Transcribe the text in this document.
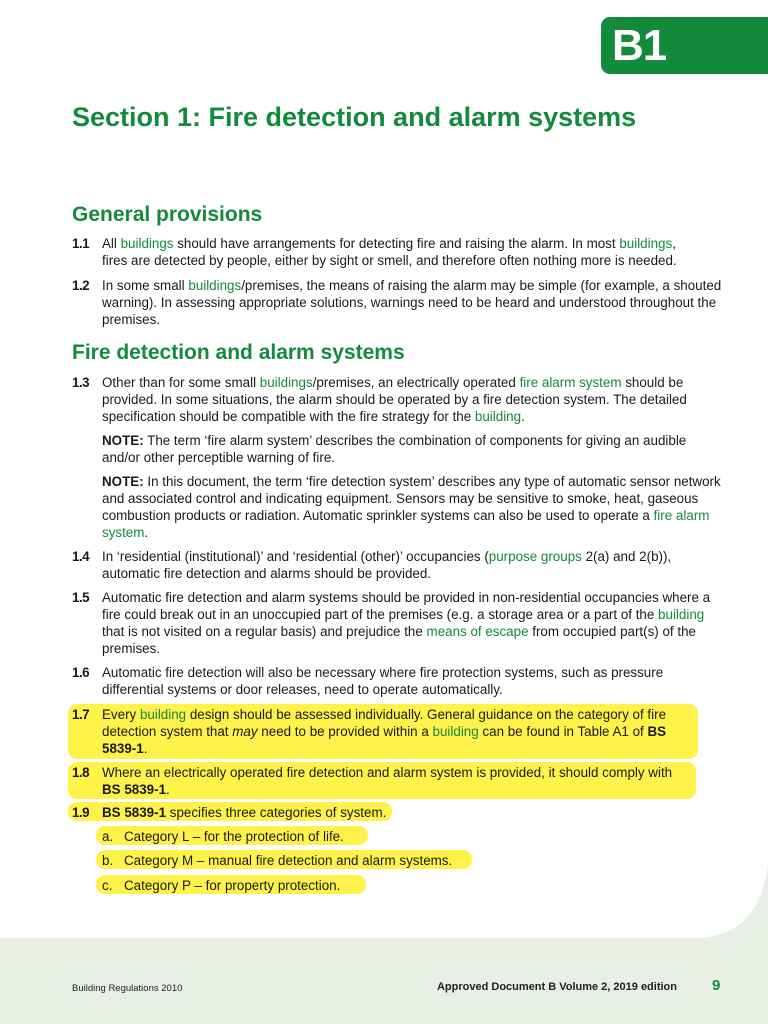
B1
Section 1: Fire detection and alarm systems
General provisions
1.1 All buildings should have arrangements for detecting fire and raising the alarm. In most buildings,
fires are detected by people, either by sight or smell, and therefore often nothing more is needed.
1.2 In some small buildings/premises, the means of raising the alarm may be simple (for example, a shouted warning). In assessing appropriate solutions, warnings need to be heard and understood throughout the premises.
Fire detection and alarm systems
1.3 Other than for some small buildings/premises, an electrically operated fire alarm system should be provided. In some situations, the alarm should be operated by a fire detection system. The detailed specification should be compatible with the fire strategy for the building.
NOTE: The term ‘fire alarm system’ describes the combination of components for giving an audible and/or other perceptible warning of fire.
NOTE: In this document, the term ‘fire detection system’ describes any type of automatic sensor network and associated control and indicating equipment. Sensors may be sensitive to smoke, heat, gaseous combustion products or radiation. Automatic sprinkler systems can also be used to operate a fire alarm system.
1.4 In ‘residential (institutional)’ and ‘residential (other)’ occupancies (purpose groups 2(a) and 2(b)), automatic fire detection and alarms should be provided.
1.5 Automatic fire detection and alarm systems should be provided in non-residential occupancies where a fire could break out in an unoccupied part of the premises (e.g. a storage area or a part of the building that is not visited on a regular basis) and prejudice the means of escape from occupied part(s) of the premises.
1.6 Automatic fire detection will also be necessary where fire protection systems, such as pressure differential systems or door releases, need to operate automatically.
1.7 Every building design should be assessed individually. General guidance on the category of fire detection system that may need to be provided within a building can be found in Table A1 of BS 5839-1.
1.8 Where an electrically operated fire detection and alarm system is provided, it should comply with BS 5839-1.
1.9 BS 5839-1 specifies three categories of system.
a. Category L – for the protection of life.
b. Category M – manual fire detection and alarm systems.
c. Category P – for property protection.
Building Regulations 2010	Approved Document B Volume 2, 2019 edition 9
